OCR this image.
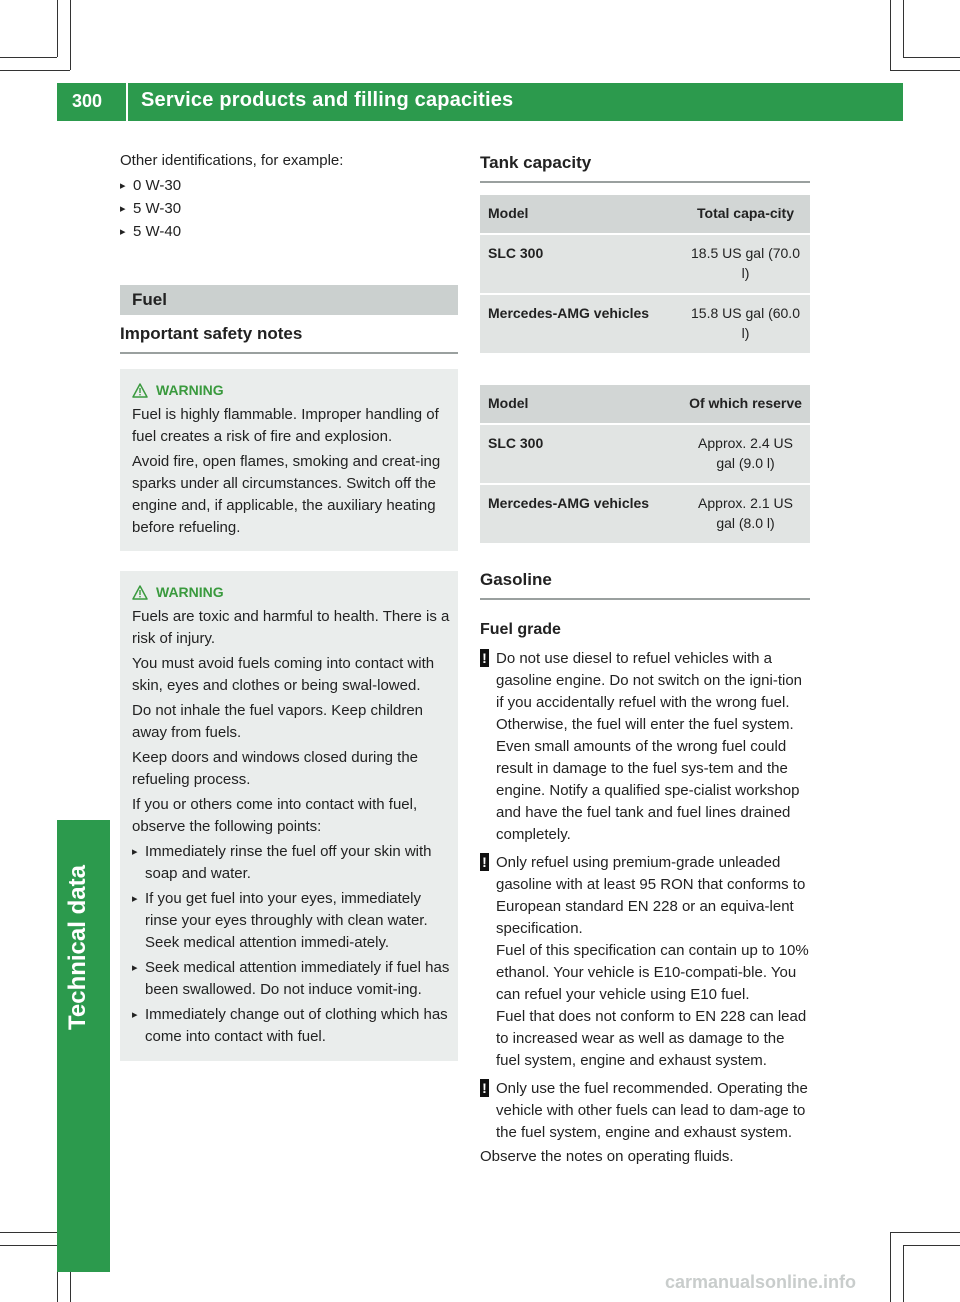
300 Service products and filling capacities
Technical data

Other identifications, for example:

▸ 0 W-30
▸ 5 W-30
▸ 5 W-40
Fuel
Important safety notes
WARNING

Fuel is highly flammable. Improper handling of fuel creates a risk of fire and explosion.

Avoid fire, open flames, smoking and creat-ing sparks under all circumstances. Switch off the engine and, if applicable, the auxiliary heating before refueling.

WARNING

Fuels are toxic and harmful to health. There is a risk of injury.

You must avoid fuels coming into contact with skin, eyes and clothes or being swal-lowed.

Do not inhale the fuel vapors. Keep children away from fuels.

Keep doors and windows closed during the refueling process.

If you or others come into contact with fuel, observe the following points:

▸ Immediately rinse the fuel off your skin with soap and water.
▸ If you get fuel into your eyes, immediately rinse your eyes throughly with clean water. Seek medical attention immedi-ately.
▸ Seek medical attention immediately if fuel has been swallowed. Do not induce vomit-ing.
▸ Immediately change out of clothing which has come into contact with fuel.
Tank capacity
Model	Total capa-city
SLC 300	18.5 US gal (70.0 l)
Mercedes-AMG vehicles	15.8 US gal (60.0 l)
Model	Of which reserve
SLC 300	Approx. 2.4 US gal (9.0 l)
Mercedes-AMG vehicles	Approx. 2.1 US gal (8.0 l)
Gasoline
Fuel grade
! Do not use diesel to refuel vehicles with a gasoline engine. Do not switch on the igni-tion if you accidentally refuel with the wrong fuel. Otherwise, the fuel will enter the fuel system. Even small amounts of the wrong fuel could result in damage to the fuel sys-tem and the engine. Notify a qualified spe-cialist workshop and have the fuel tank and fuel lines drained completely.

! Only refuel using premium-grade unleaded gasoline with at least 95 RON that conforms to European standard EN 228 or an equiva-lent specification.

Fuel of this specification can contain up to 10% ethanol. Your vehicle is E10-compati-ble. You can refuel your vehicle using E10 fuel.

Fuel that does not conform to EN 228 can lead to increased wear as well as damage to the fuel system, engine and exhaust system.

! Only use the fuel recommended. Operating the vehicle with other fuels can lead to dam-age to the fuel system, engine and exhaust system.

Observe the notes on operating fluids.

carmanualsonline.info
